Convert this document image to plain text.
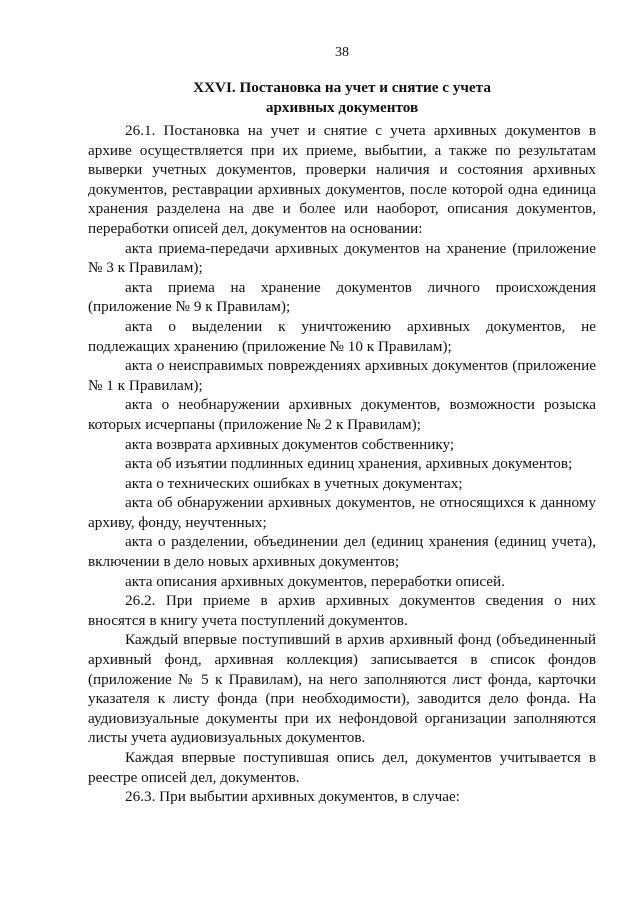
38
XXVI. Постановка на учет и снятие с учета
архивных документов

26.1. Постановка на учет и снятие с учета архивных документов в архиве осуществляется при их приеме, выбытии, а также по результатам выверки учетных документов, проверки наличия и состояния архивных документов, реставрации архивных документов, после которой одна единица хранения разделена на две и более или наоборот, описания документов, переработки описей дел, документов на основании:

акта приема-передачи архивных документов на хранение (приложение № 3 к Правилам);

акта приема на хранение документов личного происхождения (приложение № 9 к Правилам);

акта о выделении к уничтожению архивных документов, не подлежащих хранению (приложение № 10 к Правилам);

акта о неисправимых повреждениях архивных документов (приложение № 1 к Правилам);

акта о необнаружении архивных документов, возможности розыска которых исчерпаны (приложение № 2 к Правилам);

акта возврата архивных документов собственнику;

акта об изъятии подлинных единиц хранения, архивных документов;

акта о технических ошибках в учетных документах;

акта об обнаружении архивных документов, не относящихся к данному архиву, фонду, неучтенных;

акта о разделении, объединении дел (единиц хранения (единиц учета), включении в дело новых архивных документов;

акта описания архивных документов, переработки описей.

26.2. При приеме в архив архивных документов сведения о них вносятся в книгу учета поступлений документов.

Каждый впервые поступивший в архив архивный фонд (объединенный архивный фонд, архивная коллекция) записывается в список фондов (приложение № 5 к Правилам), на него заполняются лист фонда, карточки указателя к листу фонда (при необходимости), заводится дело фонда. На аудиовизуальные документы при их нефондовой организации заполняются листы учета аудиовизуальных документов.

Каждая впервые поступившая опись дел, документов учитывается в реестре описей дел, документов.

26.3. При выбытии архивных документов, в случае:
